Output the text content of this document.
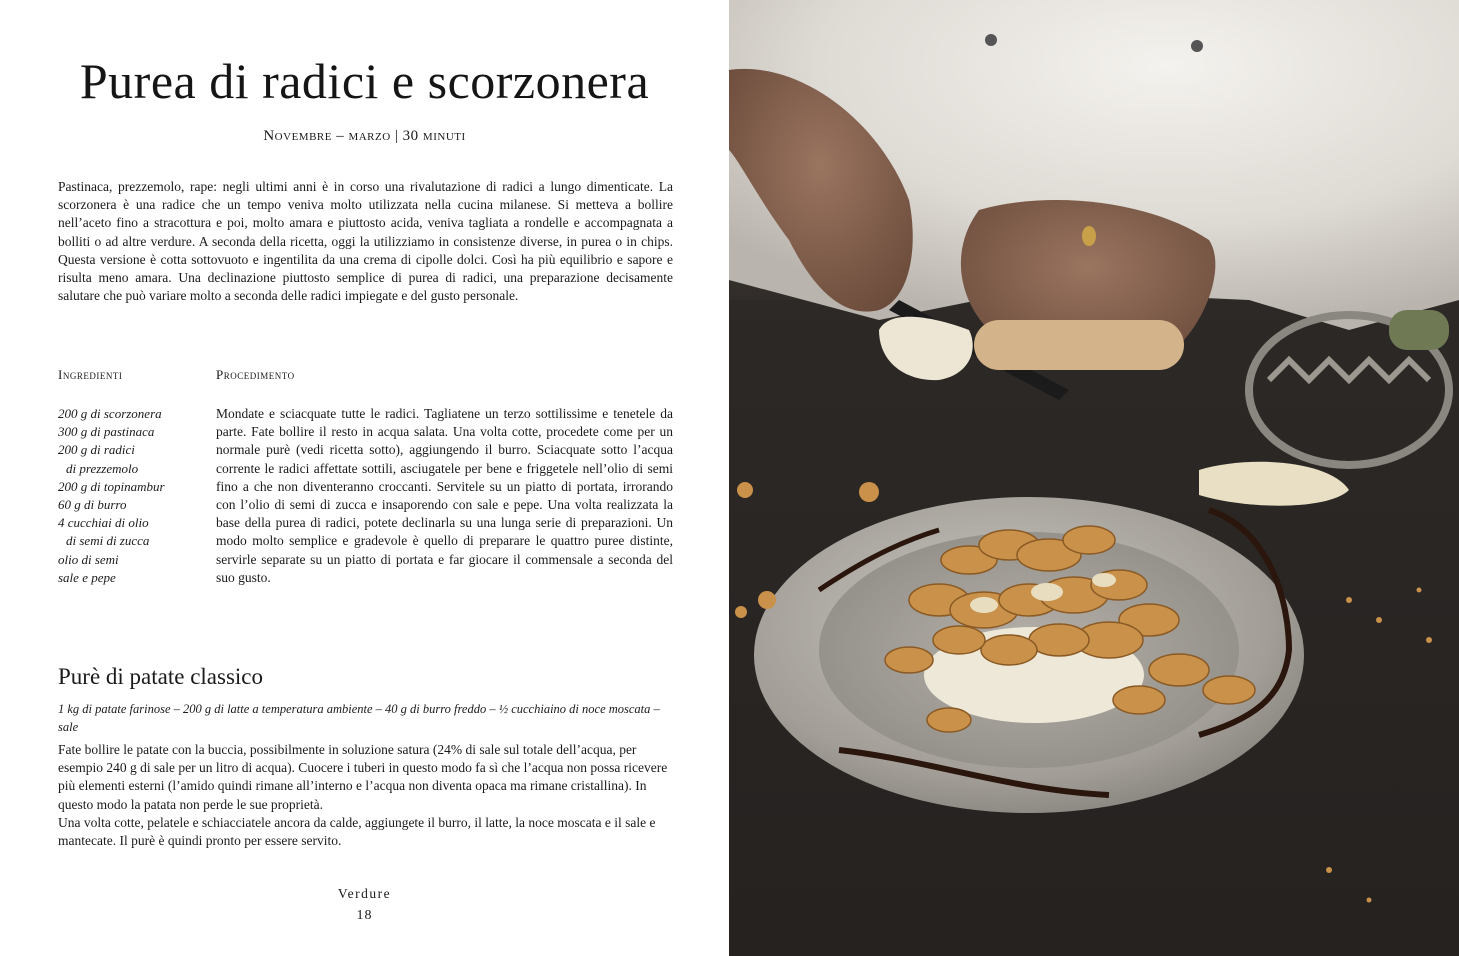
Purea di radici e scorzonera
Novembre – marzo | 30 minuti
Pastinaca, prezzemolo, rape: negli ultimi anni è in corso una rivalutazione di radici a lungo dimenticate. La scorzonera è una radice che un tempo veniva molto utilizzata nella cucina milanese. Si metteva a bollire nell’aceto fino a stracottura e poi, molto amara e piuttosto acida, veniva tagliata a rondelle e accompagnata a bolliti o ad altre verdure. A seconda della ricetta, oggi la utilizziamo in consistenze diverse, in purea o in chips. Questa versione è cotta sottovuoto e ingentilita da una crema di cipolle dolci. Così ha più equilibrio e sapore e risulta meno amara. Una declinazione piuttosto semplice di purea di radici, una preparazione decisamente salutare che può variare molto a seconda delle radici impiegate e del gusto personale.
Ingredienti	Procedimento
200 g di scorzonera
300 g di pastinaca
200 g di radici
di prezzemolo
200 g di topinambur
60 g di burro
4 cucchiai di olio
di semi di zucca
olio di semi
sale e pepe
Mondate e sciacquate tutte le radici. Tagliatene un terzo sottilissime e tenetele da parte. Fate bollire il resto in acqua salata. Una volta cotte, procedete come per un normale purè (vedi ricetta sotto), aggiungendo il burro. Sciacquate sotto l’acqua corrente le radici affettate sottili, asciugatele per bene e friggetele nell’olio di semi fino a che non diventeranno croccanti. Servitele su un piatto di portata, irrorando con l’olio di semi di zucca e insaporendo con sale e pepe. Una volta realizzata la base della purea di radici, potete declinarla su una lunga serie di preparazioni. Un modo molto semplice e gradevole è quello di preparare le quattro puree distinte, servirle separate su un piatto di portata e far giocare il commensale a seconda del suo gusto.
Purè di patate classico
1 kg di patate farinose – 200 g di latte a temperatura ambiente – 40 g di burro freddo – ½ cucchiaino di noce moscata – sale

Fate bollire le patate con la buccia, possibilmente in soluzione satura (24% di sale sul totale dell’acqua, per esempio 240 g di sale per un litro di acqua). Cuocere i tuberi in questo modo fa sì che l’acqua non possa ricevere più elementi esterni (l’amido quindi rimane all’interno e l’acqua non diventa opaca ma rimane cristallina). In questo modo la patata non perde le sue proprietà.

Una volta cotte, pelatele e schiacciatele ancora da calde, aggiungete il burro, il latte, la noce moscata e il sale e mantecate. Il purè è quindi pronto per essere servito.

Verdure
18
